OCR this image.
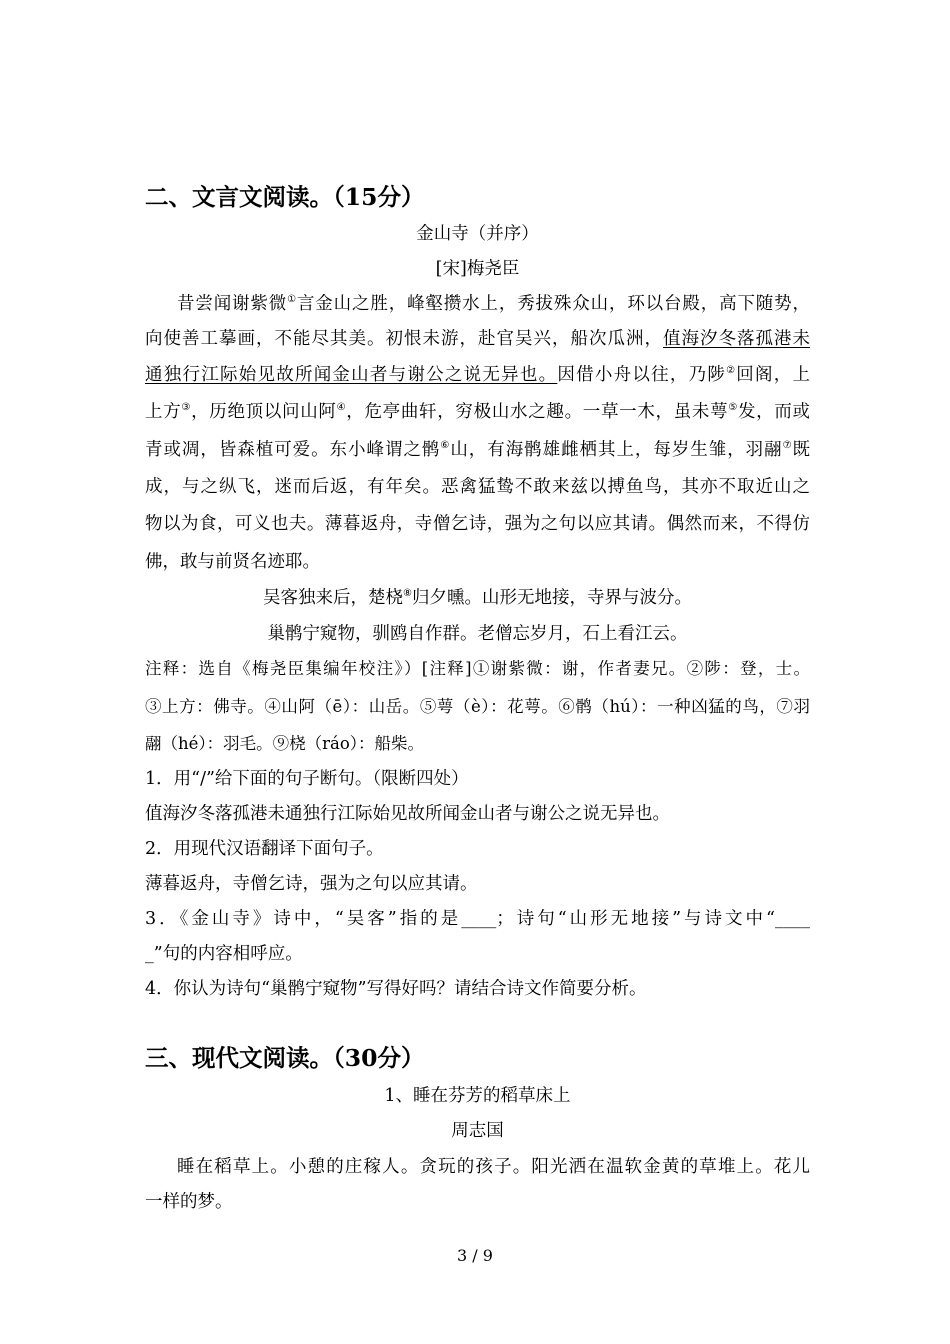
二、文言文阅读。（15分）
金山寺（并序）
[宋]梅尧臣
昔尝闻谢紫微①言金山之胜，峰壑攒水上，秀拔殊众山，环以台殿，高下随势，
向使善工摹画，不能尽其美。初恨未游，赴官吴兴，船次瓜洲，值海汐冬落孤港未
通独行江际始见故所闻金山者与谢公之说无异也。因借小舟以往，乃陟②回阁，上
上方③，历绝顶以问山阿④，危亭曲轩，穷极山水之趣。一草一木，虽未萼⑤发，而或
青或凋，皆森植可爱。东小峰谓之鹘⑥山，有海鹘雄雌栖其上，每岁生雏，羽翮⑦既
成，与之纵飞，迷而后返，有年矣。恶禽猛鸷不敢来兹以搏鱼鸟，其亦不取近山之
物以为食，可义也夫。薄暮返舟，寺僧乞诗，强为之句以应其请。偶然而来，不得仿
佛，敢与前贤名迹耶。
吴客独来后，楚桡⑧归夕曛。山形无地接，寺界与波分。
巢鹘宁窥物，驯鸥自作群。老僧忘岁月，石上看江云。
注释：选自《梅尧臣集编年校注》）[注释]①谢紫微：谢，作者妻兄。②陟：登，士。
③上方：佛寺。④山阿（ē）：山岳。⑤萼（è）：花萼。⑥鹘（hú）：一种凶猛的鸟，⑦羽
翮（hé）：羽毛。⑨桡（ráo）：船柴。
1．用“/”给下面的句子断句。（限断四处）
值海汐冬落孤港未通独行江际始见故所闻金山者与谢公之说无异也。
2．用现代汉语翻译下面句子。
薄暮返舟，寺僧乞诗，强为之句以应其请。
3．《金山寺》诗中，“吴客”指的是____；诗句“山形无地接”与诗文中“____
_”句的内容相呼应。
4．你认为诗句“巢鹘宁窥物”写得好吗？请结合诗文作简要分析。
三、现代文阅读。（30分）
1、睡在芬芳的稻草床上
周志国
睡在稻草上。小憩的庄稼人。贪玩的孩子。阳光洒在温软金黄的草堆上。花儿
一样的梦。
3 / 9
